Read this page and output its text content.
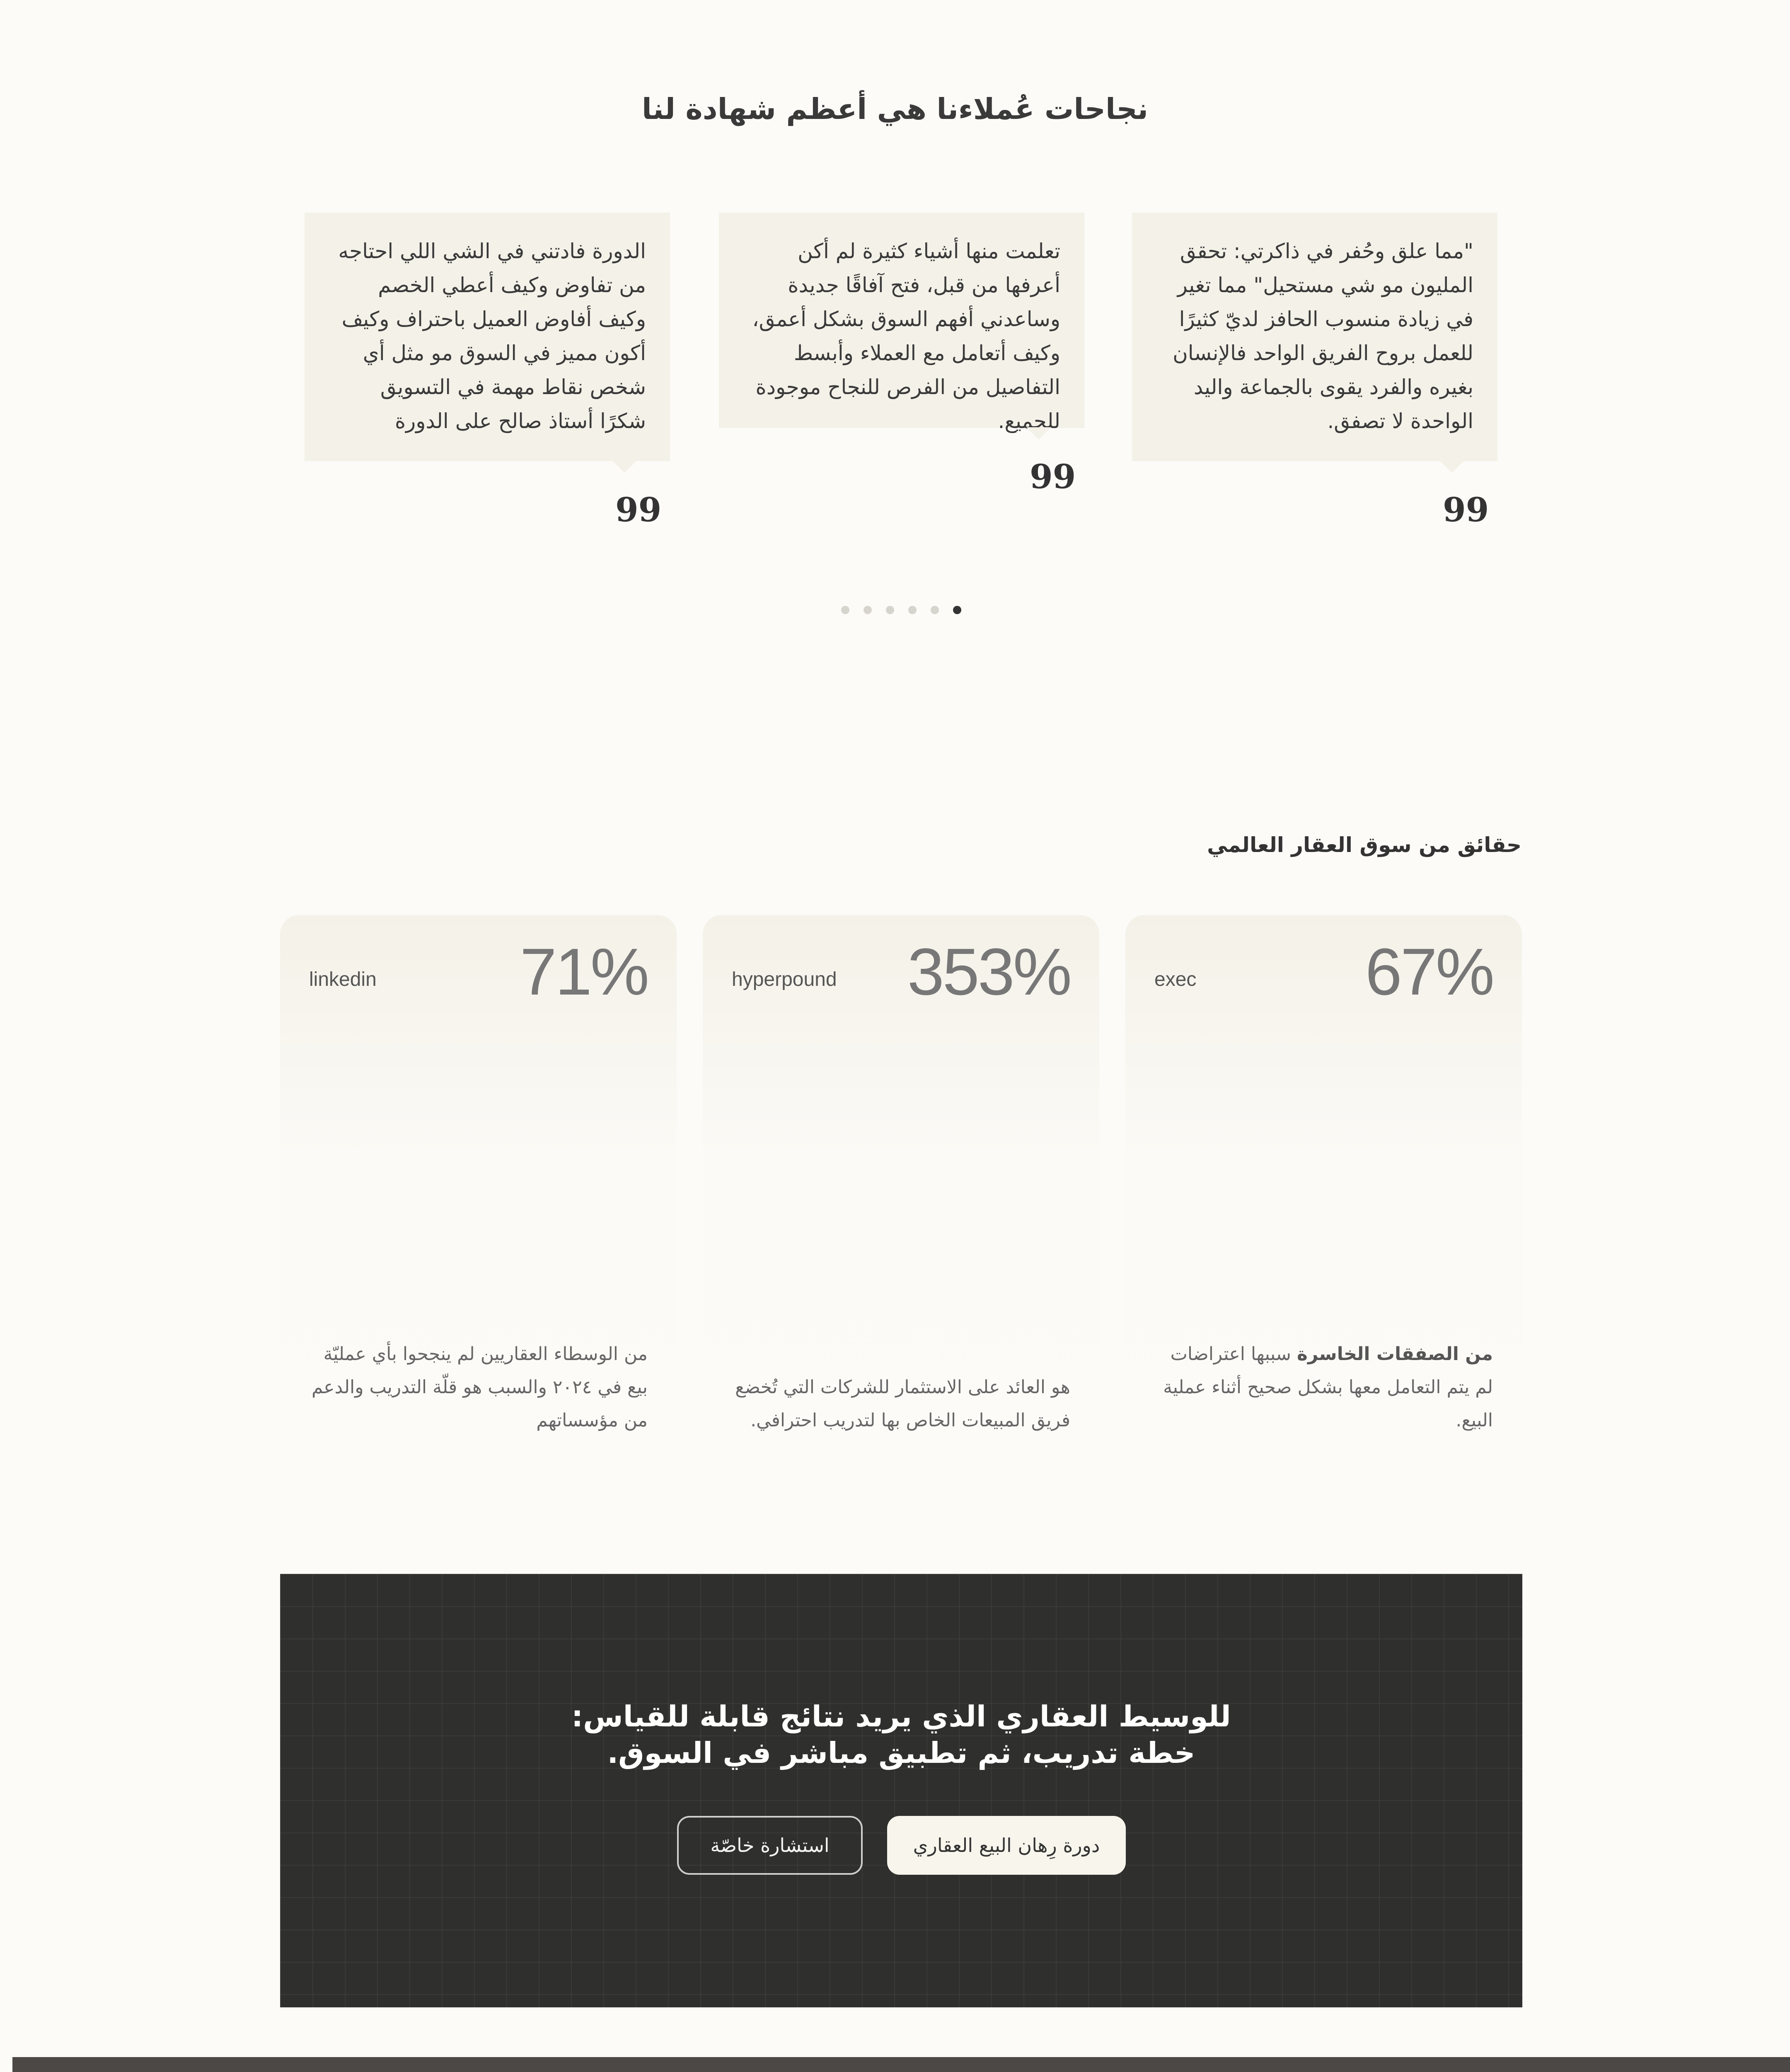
نجاحات عُملاءنا هي أعظم شهادة لنا
"مما علق وحُفر في ذاكرتي: تحقق المليون مو شي مستحيل" مما تغير في زيادة منسوب الحافز لديّ كثيرًا للعمل بروح الفريق الواحد فالإنسان بغيره والفرد يقوى بالجماعة واليد الواحدة لا تصفق.
99
تعلمت منها أشياء كثيرة لم أكن أعرفها من قبل، فتح آفاقًا جديدة وساعدني أفهم السوق بشكل أعمق، وكيف أتعامل مع العملاء وأبسط التفاصيل من الفرص للنجاح موجودة للجميع.
99
الدورة فادتني في الشي اللي احتاجه من تفاوض وكيف أعطي الخصم وكيف أفاوض العميل باحتراف وكيف أكون مميز في السوق مو مثل أي شخص نقاط مهمة في التسويق شكرًا أستاذ صالح على الدورة
99
حقائق من سوق العقار العالمي
67%
exec
من الصفقات الخاسرة سببها اعتراضات لم يتم التعامل معها بشكل صحيح أثناء عملية البيع.
353%
hyperpound
هو العائد على الاستثمار للشركات التي تُخضع فريق المبيعات الخاص بها لتدريب احترافي.
71%
linkedin
من الوسطاء العقاريين لم ينجحوا بأي عمليّة بيع في ٢٠٢٤ والسبب هو قلّة التدريب والدعم من مؤسساتهم
للوسيط العقاري الذي يريد نتائج قابلة للقياس:
خطة تدريب، ثم تطبيق مباشر في السوق.
دورة رِهان البيع العقاري
استشارة خاصّة
